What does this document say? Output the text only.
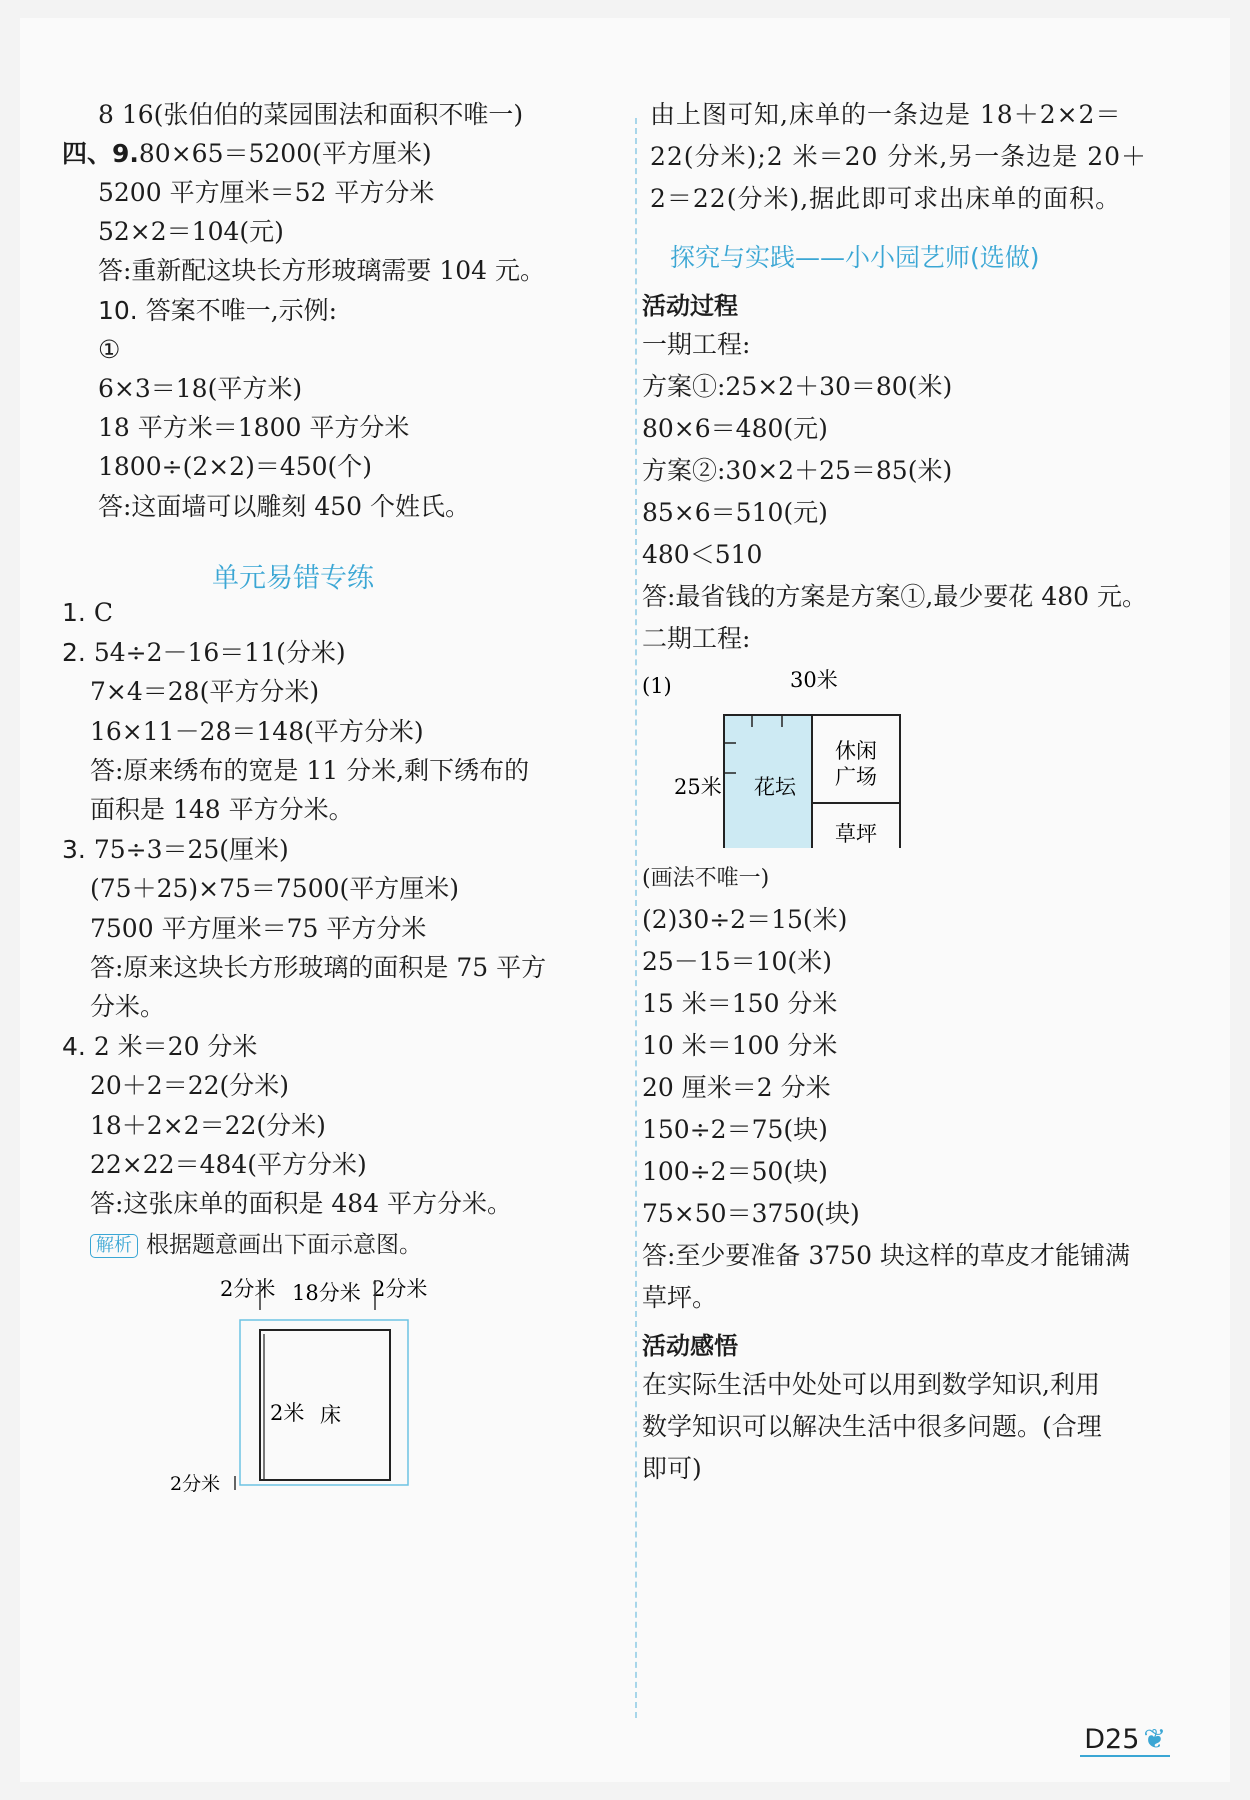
8 16(张伯伯的菜园围法和面积不唯一)
四、9.80×65＝5200(平方厘米)
5200 平方厘米＝52 平方分米
52×2＝104(元)
答:重新配这块长方形玻璃需要 104 元。
10. 答案不唯一,示例:
①
6×3＝18(平方米)
18 平方米＝1800 平方分米
1800÷(2×2)＝450(个)
答:这面墙可以雕刻 450 个姓氏。
单元易错专练
1. C
2. 54÷2－16＝11(分米)
7×4＝28(平方分米)
16×11－28＝148(平方分米)
答:原来绣布的宽是 11 分米,剩下绣布的
面积是 148 平方分米。
3. 75÷3＝25(厘米)
(75＋25)×75＝7500(平方厘米)
7500 平方厘米＝75 平方分米
答:原来这块长方形玻璃的面积是 75 平方
分米。
4. 2 米＝20 分米
20＋2＝22(分米)
18＋2×2＝22(分米)
22×22＝484(平方分米)
答:这张床单的面积是 484 平方分米。
解析 根据题意画出下面示意图。
2分米 18分米 2分米
2米 床
2分米
由上图可知,床单的一条边是 18＋2×2＝
22(分米);2 米＝20 分米,另一条边是 20＋
2＝22(分米),据此即可求出床单的面积。
探究与实践——小小园艺师(选做)
活动过程
一期工程:
方案①:25×2＋30＝80(米)
80×6＝480(元)
方案②:30×2＋25＝85(米)
85×6＝510(元)
480＜510
答:最省钱的方案是方案①,最少要花 480 元。
二期工程:
(1)	30米
25米 花坛
休闲
广场
草坪
(画法不唯一)
(2)30÷2＝15(米)
25－15＝10(米)
15 米＝150 分米
10 米＝100 分米
20 厘米＝2 分米
150÷2＝75(块)
100÷2＝50(块)
75×50＝3750(块)
答:至少要准备 3750 块这样的草皮才能铺满
草坪。
活动感悟
在实际生活中处处可以用到数学知识,利用
数学知识可以解决生活中很多问题。(合理
即可)
D25 ❦
